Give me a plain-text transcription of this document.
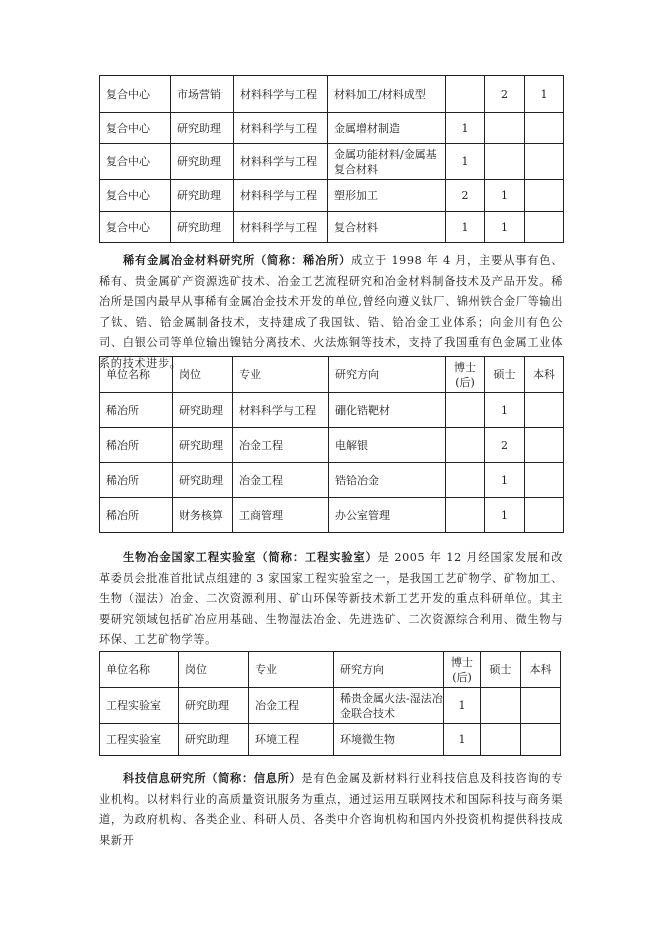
复合中心	市场营销	材料科学与工程	材料加工/材料成型		2	1
复合中心	研究助理	材料科学与工程	金属增材制造	1		
复合中心	研究助理	材料科学与工程	金属功能材料/金属基复合材料	1		
复合中心	研究助理	材料科学与工程	塑形加工	2	1	
复合中心	研究助理	材料科学与工程	复合材料	1	1	

稀有金属冶金材料研究所（简称：稀冶所）成立于 1998 年 4 月，主要从事有色、稀有、贵金属矿产资源选矿技术、冶金工艺流程研究和冶金材料制备技术及产品开发。稀冶所是国内最早从事稀有金属冶金技术开发的单位,曾经向遵义钛厂、锦州铁合金厂等输出了钛、锆、铪金属制备技术，支持建成了我国钛、锆、铪冶金工业体系；向金川有色公司、白银公司等单位输出镍钴分离技术、火法炼铜等技术，支持了我国重有色金属工业体系的技术进步。

单位名称	岗位	专业	研究方向	博士(后)	硕士	本科
稀冶所	研究助理	材料科学与工程	硼化锆靶材		1	
稀冶所	研究助理	冶金工程	电解银		2	
稀冶所	研究助理	冶金工程	锆铪冶金		1	
稀冶所	财务核算	工商管理	办公室管理		1	

生物冶金国家工程实验室（简称：工程实验室）是 2005 年 12 月经国家发展和改革委员会批准首批试点组建的 3 家国家工程实验室之一，是我国工艺矿物学、矿物加工、生物（湿法）冶金、二次资源利用、矿山环保等新技术新工艺开发的重点科研单位。其主要研究领域包括矿冶应用基础、生物湿法冶金、先进选矿、二次资源综合利用、微生物与环保、工艺矿物学等。

单位名称	岗位	专业	研究方向	博士(后)	硕士	本科
工程实验室	研究助理	冶金工程	稀贵金属火法-湿法冶金联合技术	1		
工程实验室	研究助理	环境工程	环境微生物	1		

科技信息研究所（简称：信息所）是有色金属及新材料行业科技信息及科技咨询的专业机构。以材料行业的高质量资讯服务为重点，通过运用互联网技术和国际科技与商务渠道，为政府机构、各类企业、科研人员、各类中介咨询机构和国内外投资机构提供科技成果新开
